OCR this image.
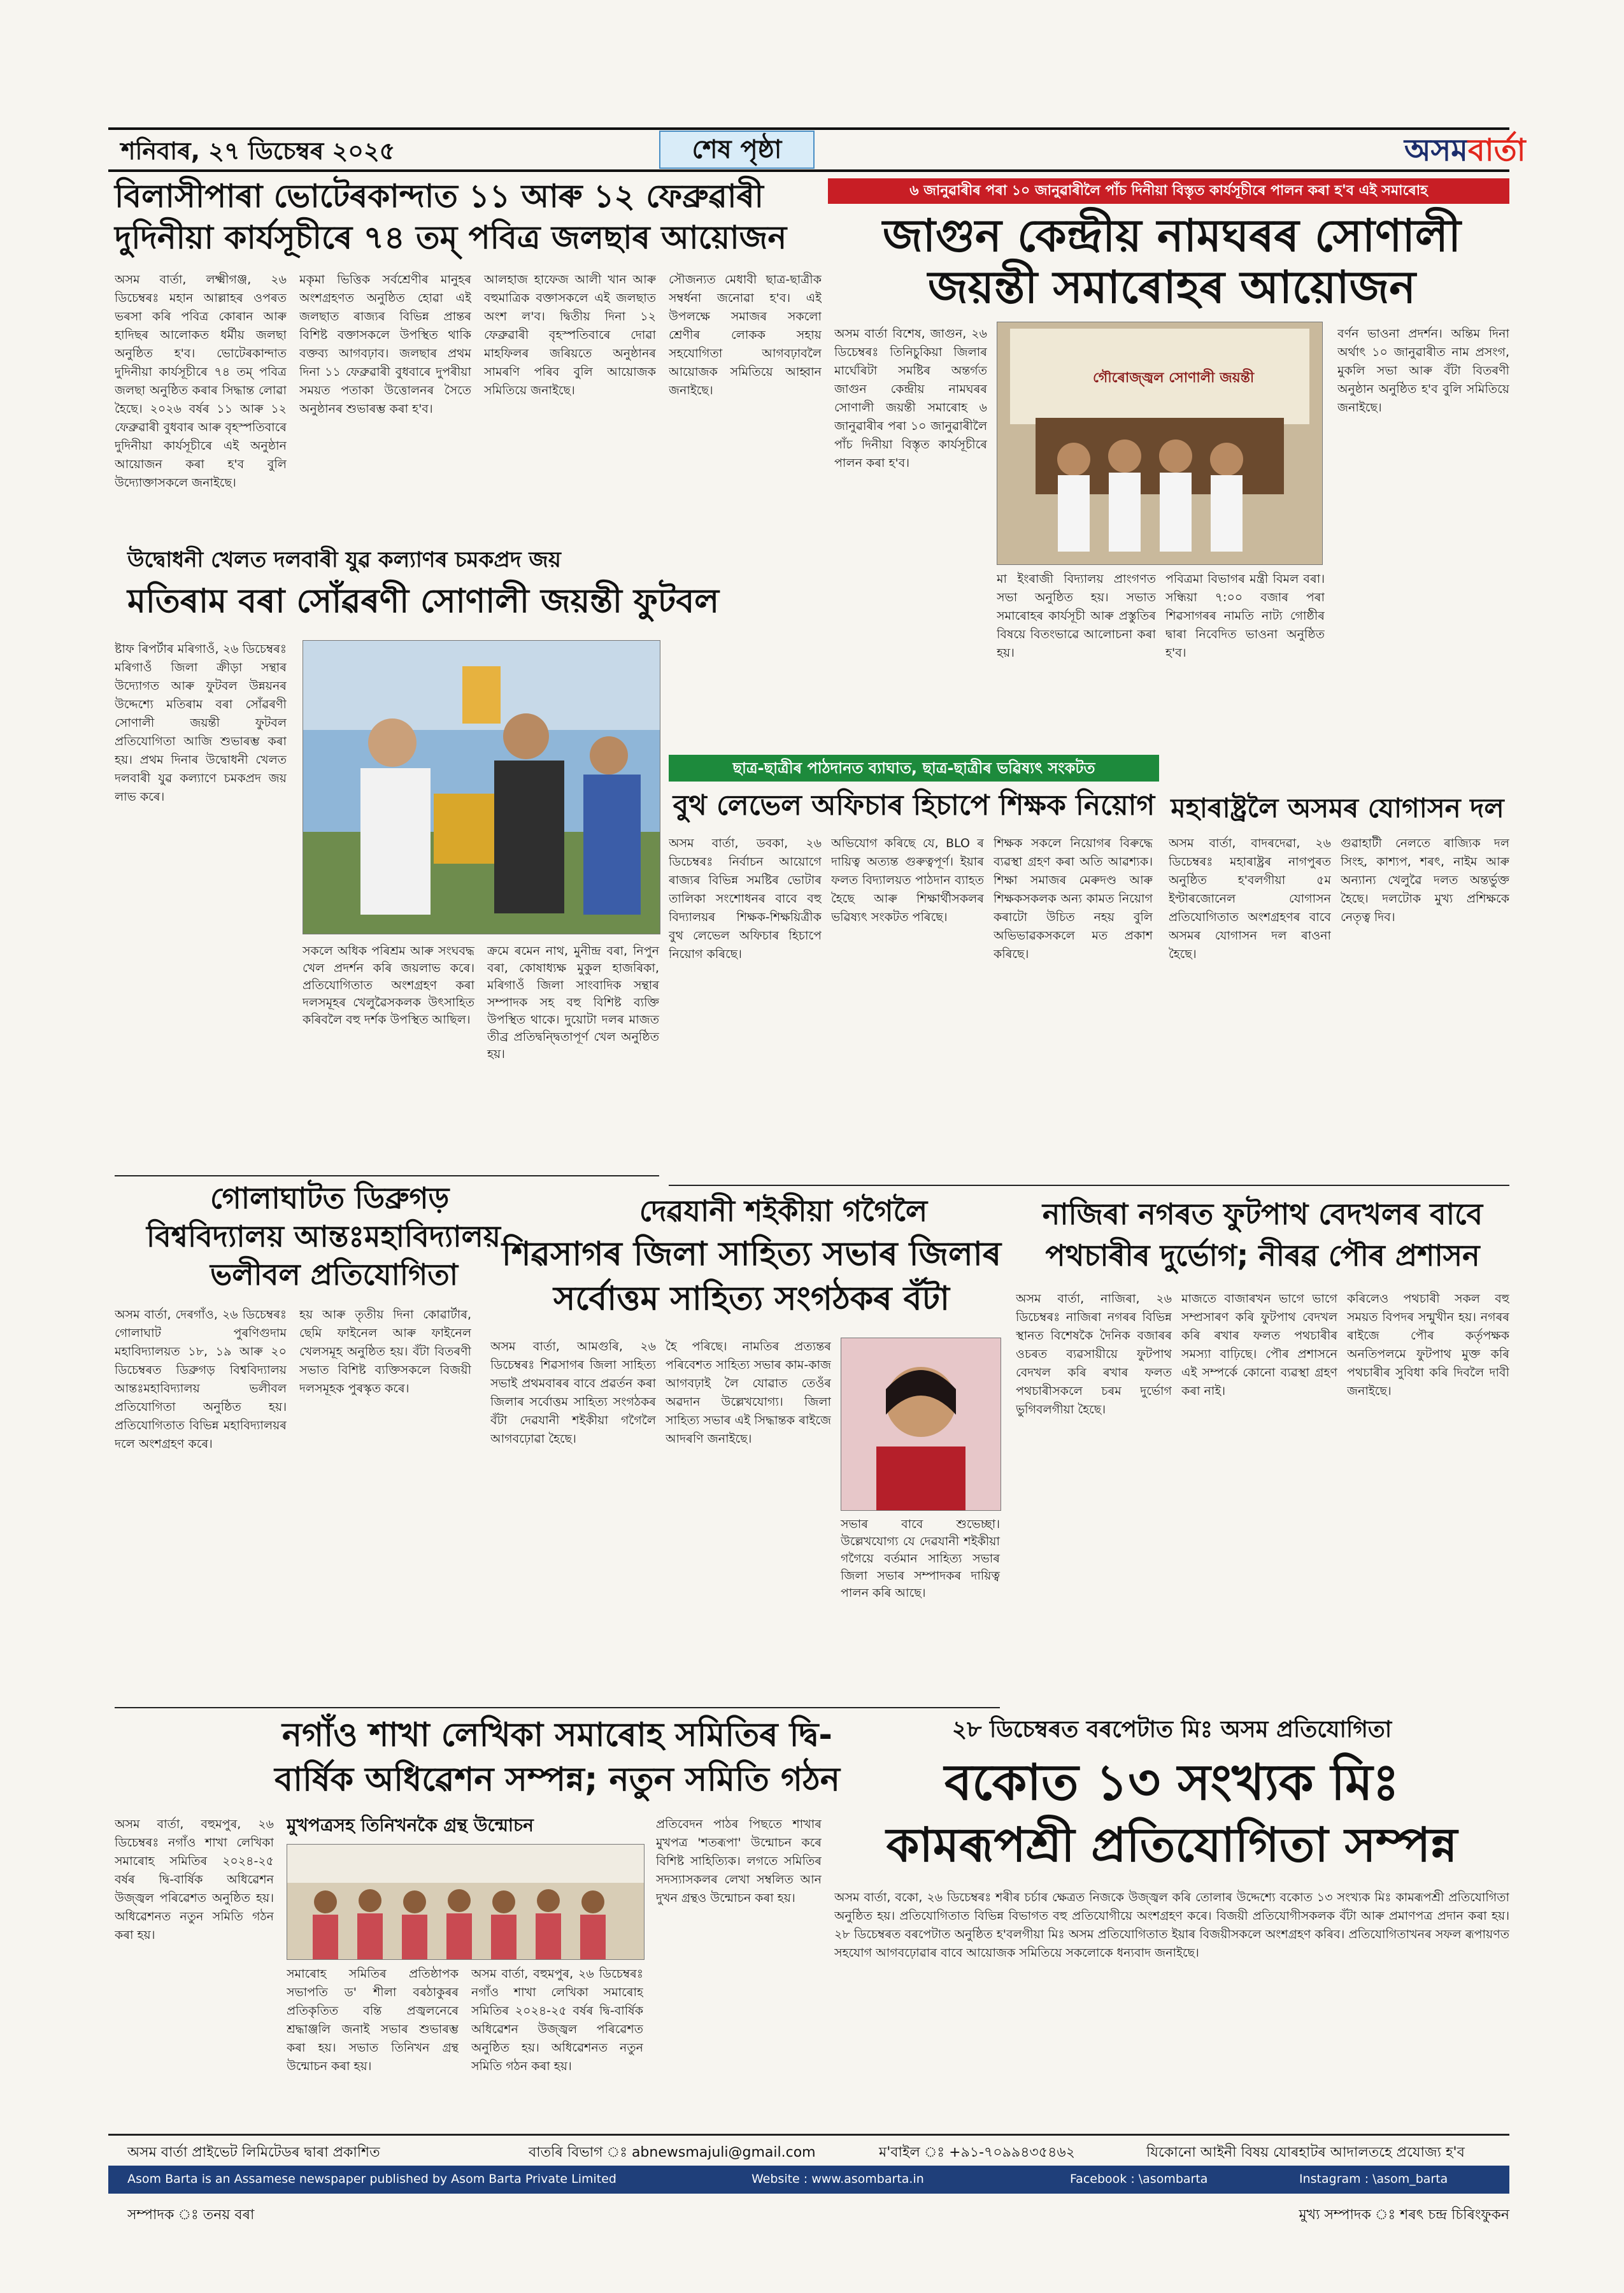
শনিবাৰ, ২৭ ডিচেম্বৰ ২০২৫	শেষ পৃষ্ঠা	অসমবাৰ্তা
বিলাসীপাৰা ভোটেৰকান্দাত ১১ আৰু ১২ ফেব্ৰুৱাৰী
দুদিনীয়া কাৰ্যসূচীৰে ৭৪ তম্ পবিত্ৰ জলছাৰ আয়োজন
অসম বাৰ্তা, লক্ষ্মীগঞ্জ, ২৬ ডিচেম্বৰঃ মহান আল্লাহৰ ওপৰত ভৰসা কৰি পবিত্ৰ কোৰান আৰু হাদিছৰ আলোকত ধৰ্মীয় জলছা অনুষ্ঠিত হ'ব। ভোটেৰকান্দাত দুদিনীয়া কাৰ্যসূচীৰে ৭৪ তম্ পবিত্ৰ জলছা অনুষ্ঠিত কৰাৰ সিদ্ধান্ত লোৱা হৈছে। ২০২৬ বৰ্ষৰ ১১ আৰু ১২ ফেব্ৰুৱাৰী বুধবাৰ আৰু বৃহস্পতিবাৰে দুদিনীয়া কাৰ্যসূচীৰে এই অনুষ্ঠান আয়োজন কৰা হ'ব বুলি উদ্যোক্তাসকলে জনাইছে।
মকৃমা ভিত্তিক সৰ্বশ্ৰেণীৰ মানুহৰ অংশগ্ৰহণত অনুষ্ঠিত হোৱা এই জলছাত ৰাজ্যৰ বিভিন্ন প্ৰান্তৰ বিশিষ্ট বক্তাসকলে উপস্থিত থাকি বক্তব্য আগবঢ়াব। জলছাৰ প্ৰথম দিনা ১১ ফেব্ৰুৱাৰী বুধবাৰে দুপৰীয়া সময়ত পতাকা উত্তোলনৰ সৈতে অনুষ্ঠানৰ শুভাৰম্ভ কৰা হ'ব।
আলহাজ হাফেজ আলী খান আৰু বহুমাত্ৰিক বক্তাসকলে এই জলছাত অংশ ল'ব। দ্বিতীয় দিনা ১২ ফেব্ৰুৱাৰী বৃহস্পতিবাৰে দোৱা মাহফিলৰ জৰিয়তে অনুষ্ঠানৰ সামৰণি পৰিব বুলি আয়োজক সমিতিয়ে জনাইছে।
সৌজন্যত মেধাবী ছাত্ৰ-ছাত্ৰীক সম্বৰ্ধনা জনোৱা হ'ব। এই উপলক্ষে সমাজৰ সকলো শ্ৰেণীৰ লোকক সহায় সহযোগিতা আগবঢ়াবলৈ আয়োজক সমিতিয়ে আহ্বান জনাইছে।
উদ্বোধনী খেলত দলবাৰী যুৱ কল্যাণৰ চমকপ্ৰদ জয়
মতিৰাম বৰা সোঁৱৰণী সোণালী জয়ন্তী ফুটবল
ষ্টাফ ৰিপৰ্টাৰ মৰিগাওঁ, ২৬ ডিচেম্বৰঃ মৰিগাওঁ জিলা ক্ৰীড়া সন্থাৰ উদ্যোগত আৰু ফুটবল উন্নয়নৰ উদ্দেশ্যে মতিৰাম বৰা সোঁৱৰণী সোণালী জয়ন্তী ফুটবল প্ৰতিযোগিতা আজি শুভাৰম্ভ কৰা হয়। প্ৰথম দিনাৰ উদ্বোধনী খেলত দলবাৰী যুৱ কল্যাণে চমকপ্ৰদ জয় লাভ কৰে।
সকলে অধিক পৰিশ্ৰম আৰু সংঘবদ্ধ খেল প্ৰদৰ্শন কৰি জয়লাভ কৰে। প্ৰতিযোগিতাত অংশগ্ৰহণ কৰা দলসমূহৰ খেলুৱৈসকলক উৎসাহিত কৰিবলৈ বহু দৰ্শক উপস্থিত আছিল।
ক্ৰমে ৰমেন নাথ, মুনীন্দ্ৰ বৰা, নিপুন বৰা, কোষাধ্যক্ষ মুকুল হাজৰিকা, মৰিগাওঁ জিলা সাংবাদিক সন্থাৰ সম্পাদক সহ বহু বিশিষ্ট ব্যক্তি উপস্থিত থাকে। দুয়োটা দলৰ মাজত তীব্ৰ প্ৰতিদ্বন্দ্বিতাপূৰ্ণ খেল অনুষ্ঠিত হয়।
গোলাঘাটত ডিব্ৰুগড়
বিশ্ববিদ্যালয় আন্তঃমহাবিদ্যালয়
ভলীবল প্ৰতিযোগিতা
অসম বাৰ্তা, দেৰগাঁও, ২৬ ডিচেম্বৰঃ গোলাঘাট পুৰণিগুদাম মহাবিদ্যালয়ত ১৮, ১৯ আৰু ২০ ডিচেম্বৰত ডিব্ৰুগড় বিশ্ববিদ্যালয় আন্তঃমহাবিদ্যালয় ভলীবল প্ৰতিযোগিতা অনুষ্ঠিত হয়। প্ৰতিযোগিতাত বিভিন্ন মহাবিদ্যালয়ৰ দলে অংশগ্ৰহণ কৰে।
হয় আৰু তৃতীয় দিনা কোৱাৰ্টাৰ, ছেমি ফাইনেল আৰু ফাইনেল খেলসমূহ অনুষ্ঠিত হয়। বঁটা বিতৰণী সভাত বিশিষ্ট ব্যক্তিসকলে বিজয়ী দলসমূহক পুৰস্কৃত কৰে।
৬ জানুৱাৰীৰ পৰা ১০ জানুৱাৰীলৈ পাঁচ দিনীয়া বিস্তৃত কাৰ্যসূচীৰে পালন কৰা হ'ব এই সমাৰোহ
জাগুন কেন্দ্ৰীয় নামঘৰৰ সোণালী জয়ন্তী সমাৰোহৰ আয়োজন
অসম বাৰ্তা বিশেষ, জাগুন, ২৬ ডিচেম্বৰঃ তিনিচুকিয়া জিলাৰ মাৰ্ঘেৰিটা সমষ্টিৰ অন্তৰ্গত জাগুন কেন্দ্ৰীয় নামঘৰৰ সোণালী জয়ন্তী সমাৰোহ ৬ জানুৱাৰীৰ পৰা ১০ জানুৱাৰীলৈ পাঁচ দিনীয়া বিস্তৃত কাৰ্যসূচীৰে পালন কৰা হ'ব।
গৌৰোজ্জ্বল সোণালী জয়ন্তী
মা ইংৰাজী বিদ্যালয় প্ৰাংগণত সভা অনুষ্ঠিত হয়। সভাত সমাৰোহৰ কাৰ্যসূচী আৰু প্ৰস্তুতিৰ বিষয়ে বিতংভাৱে আলোচনা কৰা হয়।
পবিত্ৰমা বিভাগৰ মন্ত্ৰী বিমল বৰা। সন্ধিয়া ৭:০০ বজাৰ পৰা শিৱসাগৰৰ নামতি নাট্য গোষ্ঠীৰ দ্বাৰা নিবেদিত ভাওনা অনুষ্ঠিত হ'ব।
বৰ্ণন ভাওনা প্ৰদৰ্শন। অন্তিম দিনা অৰ্থাৎ ১০ জানুৱাৰীত নাম প্ৰসংগ, মুকলি সভা আৰু বঁটা বিতৰণী অনুষ্ঠান অনুষ্ঠিত হ'ব বুলি সমিতিয়ে জনাইছে।
ছাত্ৰ-ছাত্ৰীৰ পাঠদানত ব্যাঘাত, ছাত্ৰ-ছাত্ৰীৰ ভৱিষ্যৎ সংকটত
বুথ লেভেল অফিচাৰ হিচাপে শিক্ষক নিয়োগ
অসম বাৰ্তা, ডবকা, ২৬ ডিচেম্বৰঃ নিৰ্বাচন আয়োগে ৰাজ্যৰ বিভিন্ন সমষ্টিৰ ভোটাৰ তালিকা সংশোধনৰ বাবে বহু বিদ্যালয়ৰ শিক্ষক-শিক্ষয়িত্ৰীক বুথ লেভেল অফিচাৰ হিচাপে নিয়োগ কৰিছে।
অভিযোগ কৰিছে যে, BLO ৰ দায়িত্ব অত্যন্ত গুৰুত্বপূৰ্ণ। ইয়াৰ ফলত বিদ্যালয়ত পাঠদান ব্যাহত হৈছে আৰু শিক্ষাৰ্থীসকলৰ ভৱিষ্যৎ সংকটত পৰিছে।
শিক্ষক সকলে নিয়োগৰ বিৰুদ্ধে ব্যৱস্থা গ্ৰহণ কৰা অতি আৱশ্যক। শিক্ষা সমাজৰ মেৰুদণ্ড আৰু শিক্ষকসকলক অন্য কামত নিয়োগ কৰাটো উচিত নহয় বুলি অভিভাৱকসকলে মত প্ৰকাশ কৰিছে।
মহাৰাষ্ট্ৰলৈ অসমৰ যোগাসন দল
অসম বাৰ্তা, বাদৰদেৱা, ২৬ ডিচেম্বৰঃ মহাৰাষ্ট্ৰৰ নাগপুৰত অনুষ্ঠিত হ'বলগীয়া ৫ম ইণ্টাৰজোনেল যোগাসন প্ৰতিযোগিতাত অংশগ্ৰহণৰ বাবে অসমৰ যোগাসন দল ৰাওনা হৈছে।
গুৱাহাটী নেলতে ৰাজ্যিক দল সিংহ, কাশ্যপ, শৰৎ, নাইম আৰু অন্যান্য খেলুৱৈ দলত অন্তৰ্ভুক্ত হৈছে। দলটোক মুখ্য প্ৰশিক্ষকে নেতৃত্ব দিব।
দেৱযানী শইকীয়া গগৈলৈ
শিৱসাগৰ জিলা সাহিত্য সভাৰ জিলাৰ
সৰ্বোত্তম সাহিত্য সংগঠকৰ বঁটা
অসম বাৰ্তা, আমগুৰি, ২৬ ডিচেম্বৰঃ শিৱসাগৰ জিলা সাহিত্য সভাই প্ৰথমবাৰৰ বাবে প্ৰৱৰ্তন কৰা জিলাৰ সৰ্বোত্তম সাহিত্য সংগঠকৰ বঁটা দেৱযানী শইকীয়া গগৈলৈ আগবঢ়োৱা হৈছে।
হৈ পৰিছে। নামতিৰ প্ৰত্যন্তৰ পৰিবেশত সাহিত্য সভাৰ কাম-কাজ আগবঢ়াই লৈ যোৱাত তেওঁৰ অৱদান উল্লেখযোগ্য। জিলা সাহিত্য সভাৰ এই সিদ্ধান্তক ৰাইজে আদৰণি জনাইছে।
সভাৰ বাবে শুভেচ্ছা। উল্লেখযোগ্য যে দেৱযানী শইকীয়া গগৈয়ে বৰ্তমান সাহিত্য সভাৰ জিলা সভাৰ সম্পাদকৰ দায়িত্ব পালন কৰি আছে।
নাজিৰা নগৰত ফুটপাথ বেদখলৰ বাবে
পথচাৰীৰ দুৰ্ভোগ; নীৰৱ পৌৰ প্ৰশাসন
অসম বাৰ্তা, নাজিৰা, ২৬ ডিচেম্বৰঃ নাজিৰা নগৰৰ বিভিন্ন স্থানত বিশেষকৈ দৈনিক বজাৰৰ ওচৰত ব্যৱসায়ীয়ে ফুটপাথ বেদখল কৰি ৰখাৰ ফলত পথচাৰীসকলে চৰম দুৰ্ভোগ ভুগিবলগীয়া হৈছে।
মাজতে বাজাৰখন ভাগে ভাগে সম্প্ৰসাৰণ কৰি ফুটপাথ বেদখল কৰি ৰখাৰ ফলত পথচাৰীৰ সমস্যা বাঢ়িছে। পৌৰ প্ৰশাসনে এই সম্পৰ্কে কোনো ব্যৱস্থা গ্ৰহণ কৰা নাই।
কৰিলেও পথচাৰী সকল বহু সময়ত বিপদৰ সন্মুখীন হয়। নগৰৰ ৰাইজে পৌৰ কৰ্তৃপক্ষক অনতিপলমে ফুটপাথ মুক্ত কৰি পথচাৰীৰ সুবিধা কৰি দিবলৈ দাবী জনাইছে।
নগাঁও শাখা লেখিকা সমাৰোহ সমিতিৰ দ্বি-
বাৰ্ষিক অধিৱেশন সম্পন্ন; নতুন সমিতি গঠন
অসম বাৰ্তা, বহুমপুৰ, ২৬ ডিচেম্বৰঃ নগাঁও শাখা লেখিকা সমাৰোহ সমিতিৰ ২০২৪-২৫ বৰ্ষৰ দ্বি-বাৰ্ষিক অধিৱেশন উজ্জ্বল পৰিৱেশত অনুষ্ঠিত হয়। অধিৱেশনত নতুন সমিতি গঠন কৰা হয়।
মুখপত্ৰসহ তিনিখনকৈ গ্ৰন্থ উন্মোচন
সমাৰোহ সমিতিৰ প্ৰতিষ্ঠাপক সভাপতি ড' শীলা বৰঠাকুৰৰ প্ৰতিকৃতিত বন্তি প্ৰজ্বলনেৰে শ্ৰদ্ধাঞ্জলি জনাই সভাৰ শুভাৰম্ভ কৰা হয়। সভাত তিনিখন গ্ৰন্থ উন্মোচন কৰা হয়।
প্ৰতিবেদন পাঠৰ পিছতে শাখাৰ মুখপত্ৰ 'শতৰূপা' উন্মোচন কৰে বিশিষ্ট সাহিত্যিক। লগতে সমিতিৰ সদস্যাসকলৰ লেখা সম্বলিত আন দুখন গ্ৰন্থও উন্মোচন কৰা হয়।
অসম বাৰ্তা, বহুমপুৰ, ২৬ ডিচেম্বৰঃ নগাঁও শাখা লেখিকা সমাৰোহ সমিতিৰ ২০২৪-২৫ বৰ্ষৰ দ্বি-বাৰ্ষিক অধিৱেশন উজ্জ্বল পৰিৱেশত অনুষ্ঠিত হয়। অধিৱেশনত নতুন সমিতি গঠন কৰা হয়।
২৮ ডিচেম্বৰত বৰপেটাত মিঃ অসম প্ৰতিযোগিতা
বকোত ১৩ সংখ্যক মিঃ
কামৰূপশ্ৰী প্ৰতিযোগিতা সম্পন্ন
অসম বাৰ্তা, বকো, ২৬ ডিচেম্বৰঃ শৰীৰ চৰ্চাৰ ক্ষেত্ৰত নিজকে উজ্জ্বল কৰি তোলাৰ উদ্দেশ্যে বকোত ১৩ সংখ্যক মিঃ কামৰূপশ্ৰী প্ৰতিযোগিতা অনুষ্ঠিত হয়। প্ৰতিযোগিতাত বিভিন্ন বিভাগত বহু প্ৰতিযোগীয়ে অংশগ্ৰহণ কৰে। বিজয়ী প্ৰতিযোগীসকলক বঁটা আৰু প্ৰমাণপত্ৰ প্ৰদান কৰা হয়। ২৮ ডিচেম্বৰত বৰপেটাত অনুষ্ঠিত হ'বলগীয়া মিঃ অসম প্ৰতিযোগিতাত ইয়াৰ বিজয়ীসকলে অংশগ্ৰহণ কৰিব। প্ৰতিযোগিতাখনৰ সফল ৰূপায়ণত সহযোগ আগবঢ়োৱাৰ বাবে আয়োজক সমিতিয়ে সকলোকে ধন্যবাদ জনাইছে।
অসম বাৰ্তা প্ৰাইভেট লিমিটেডৰ দ্বাৰা প্ৰকাশিত	বাতৰি বিভাগ ঃ abnewsmajuli@gmail.com	ম'বাইল ঃ +৯১-৭০৯৯৪৩৫৪৬২	যিকোনো আইনী বিষয় যোৰহাটৰ আদালতহে প্ৰযোজ্য হ'ব
Asom Barta is an Assamese newspaper published by Asom Barta Private Limited	Website : www.asombarta.in	Facebook : \asombarta	Instagram : \asom_barta
সম্পাদক ঃ তনয় বৰা	মুখ্য সম্পাদক ঃ শৰৎ চন্দ্ৰ চিৰিংফুকন
